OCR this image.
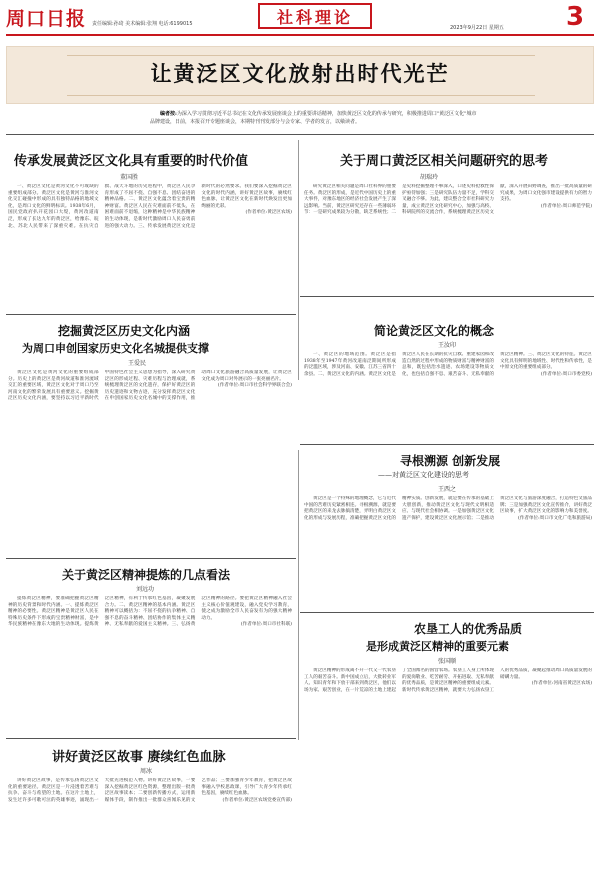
周口日报 责任编辑:孙琦 美术编辑:张翔 电话:6199015	社科理论
2023年9月22日 星期五 3
让黄泛区文化放射出时代光芒
编者按:为深入学习贯彻习近平总书记在文化传承发展座谈会上的重要讲话精神，加快黄泛区文化的传承与研究，积极推进周口"黄泛区文化"城市品牌建设，日前，本报召开专题座谈会，本期特刊刊发部分与会专家、学者的发言，以飨读者。
传承发展黄泛区文化具有重要的时代价值
董国胜

一、黄泛区文化是黄河文化不可或缺的重要组成部分。黄泛区文化是黄河与淮河文化交汇碰撞中形成的具有独特品格的地域文化，是周口文化的鲜明标识。1938年6月，国民党政府扒开花园口大堤，黄河改道南泛，形成了长达九年的黄泛区，给豫东、皖北、苏北人民带来了深重灾难。在抗灾自救、战天斗地的历史进程中，黄泛区人民孕育形成了不屈不挠、自强不息、团结奋进的精神品格。二、黄泛区文化蕴含着宝贵的精神财富。黄泛区人民在灾难面前不低头，在困难面前不退缩，这种精神是中华民族精神的生动体现，是新时代激励周口人民奋勇前进的强大动力。三、传承发展黄泛区文化是新时代的必然要求。我们要深入挖掘黄泛区文化的时代内涵，讲好黄泛区故事，赓续红色血脉，让黄泛区文化在新时代焕发出更加绚丽的光彩。

(作者单位:黄泛区农场)
关于周口黄泛区相关问题研究的思考
胡瑞玲

研究黄泛区相关问题是周口社科界的重要任务。黄泛区的形成，是近代中国历史上的重大事件，对豫东地区的经济社会发展产生了深远影响。当前，黄泛区研究还存在一些薄弱环节：一是研究成果较为分散，缺乏系统性；二是史料挖掘整理不够深入，口述史料抢救性保护亟待加强；三是研究队伍力量不足，学科交叉融合不够。为此，建议整合全市社科研究力量，成立黄泛区文化研究中心，加强与高校、科研院所的交流合作，系统梳理黄泛区历史文献，深入开展田野调查，推出一批高质量的研究成果，为周口文化强市建设提供有力的智力支持。

(作者单位:周口师范学院)
挖掘黄泛区历史文化内涵
为周口申创国家历史文化名城提供支撑
王爱民

黄泛区文化是黄河文化的重要组成部分。历史上的黄泛区是黄河故道和淮河流域交汇的重要区域，黄泛区文化对于周口乃至河南文化的繁荣发展具有重要意义。挖掘黄泛区历史文化内涵，要坚持以习近平新时代中国特色社会主义思想为指导，深入研究黄泛区的形成过程、灾难历程与治理成就，系统梳理黄泛区的文化遗存，保护好黄泛区的历史遗迹和文物古迹，充分发挥黄泛区文化在申创国家历史文化名城中的支撑作用，推动周口文化旅游融合高质量发展，让黄泛区文化成为周口对外展示的一张亮丽名片。

(作者单位:周口市社会科学界联合会)
简论黄泛区文化的概念
王汝印

一、黄泛区的地域范围。黄泛区是指1938年至1947年黄河改道南泛期间所形成的泛滥区域，涉及河南、安徽、江苏三省四十余县。二、黄泛区文化的内涵。黄泛区文化是黄泛区人民在长期的抗灾自救、重建家园和改造自然的过程中形成的物质财富与精神财富的总和，既包括治水遗迹、农场建设等物质文化，也包括自强不息、艰苦奋斗、无私奉献的黄泛区精神。三、黄泛区文化的特征。黄泛区文化具有鲜明的地域性、时代性和传承性，是中原文化的重要组成部分。

(作者单位:周口市委党校)
寻根溯源 创新发展
——对黄泛区文化建设的思考
王西之

黄泛区是一个特殊的地理概念，它与近代中国的苦难历史紧密相连。寻根溯源，就是要把黄泛区的来龙去脉搞清楚，弄明白黄泛区文化的形成与发展历程，准确把握黄泛区文化的精神实质。创新发展，就是要在传承的基础上大胆创新，推动黄泛区文化与现代文明相适应、与现代社会相协调。一是加强黄泛区文化遗产保护，建设黄泛区文化展示馆；二是推动黄泛区文化与旅游深度融合，打造特色文旅品牌；三是加强黄泛区文化宣传推介，讲好黄泛区故事，扩大黄泛区文化的影响力和美誉度。

(作者单位:周口市文化广电和旅游局)
关于黄泛区精神提炼的几点看法
刘远功

提炼黄泛区精神，要准确把握黄泛区精神的历史背景和时代内涵。一、提炼黄泛区精神的必要性。黄泛区精神是黄泛区人民在特殊历史条件下形成的宝贵精神财富，是中华民族精神在豫东大地的生动体现。提炼黄泛区精神，有利于传承红色基因，凝聚发展合力。二、黄泛区精神的基本内涵。黄泛区精神可以概括为：不屈不挠的抗争精神、自强不息的奋斗精神、团结协作的集体主义精神、无私奉献的爱国主义精神。三、弘扬黄泛区精神的路径。要把黄泛区精神融入社会主义核心价值观建设，融入党史学习教育，使之成为激励全市人民奋发有为的强大精神动力。

(作者单位:周口市社科联)	农垦工人的优秀品质
是形成黄泛区精神的重要元素
张国顺

黄泛区精神的形成离不开一代又一代农垦工人的艰苦奋斗。新中国成立后，大批转业军人、知识青年和下放干部来到黄泛区，他们以场为家、艰苦创业，在一片荒凉的土地上建起了全国闻名的国营农场。农垦工人身上所体现的爱岗敬业、吃苦耐劳、开拓进取、无私奉献的优秀品质，是黄泛区精神的重要组成元素。新时代传承黄泛区精神，就要大力弘扬农垦工人的优秀品质，凝聚起推动周口高质量发展的磅礴力量。

(作者单位:河南省黄泛区农场)
讲好黄泛区故事 赓续红色血脉
周冰

讲好黄泛区故事，是传承弘扬黄泛区文化的重要途径。黄泛区是一片浸透着苦难与抗争、奋斗与希望的土地。在这片土地上，发生过许多可歌可泣的英雄事迹，涌现出一大批先进模范人物。讲好黄泛区故事，一要深入挖掘黄泛区红色资源，整理出版一批黄泛区故事读本；二要创新传播方式，运用新媒体手段，制作推出一批群众喜闻乐见的文艺作品；三要加强青少年教育，把黄泛区故事融入学校思政课，引导广大青少年传承红色基因，赓续红色血脉。

(作者单位:黄泛区农场党委宣传部)
